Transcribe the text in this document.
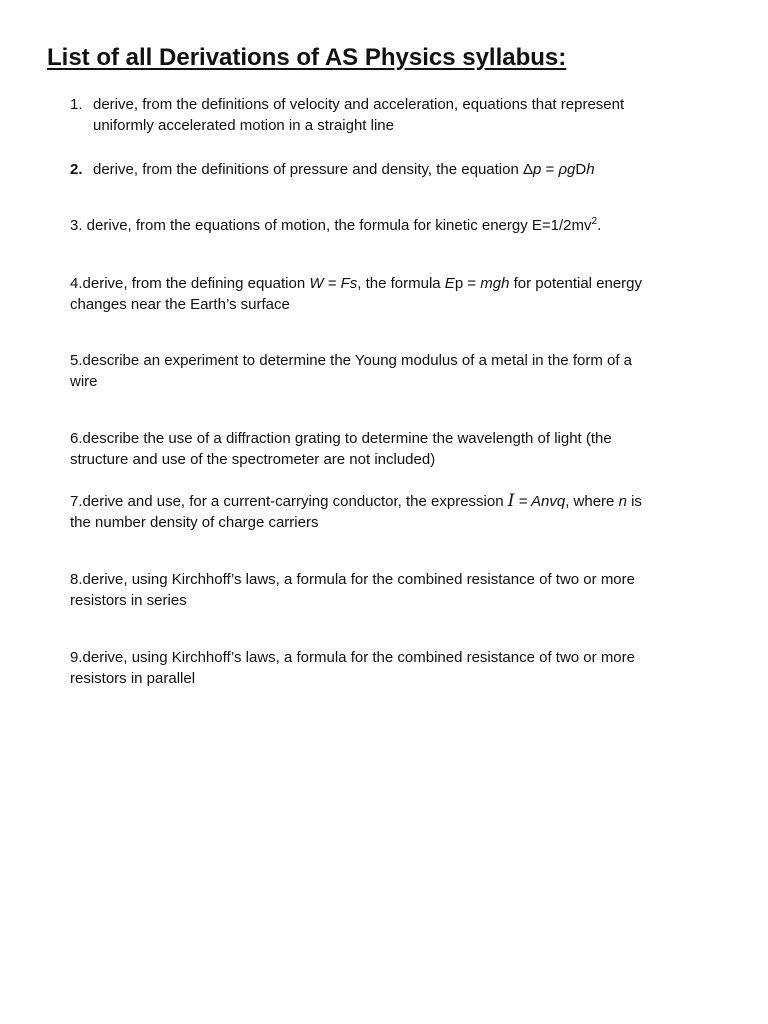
List of all Derivations of AS Physics syllabus:
1. derive, from the definitions of velocity and acceleration, equations that represent
uniformly accelerated motion in a straight line
2. derive, from the definitions of pressure and density, the equation Δp = ρgDh
3. derive, from the equations of motion, the formula for kinetic energy $E=1/2mv^2$.
4.derive, from the defining equation W = Fs, the formula Ep = mgh for potential energy
changes near the Earth’s surface
5.describe an experiment to determine the Young modulus of a metal in the form of a
wire
6.describe the use of a diffraction grating to determine the wavelength of light (the
structure and use of the spectrometer are not included)
7.derive and use, for a current-carrying conductor, the expression I = Anvq, where n is
the number density of charge carriers
8.derive, using Kirchhoff’s laws, a formula for the combined resistance of two or more
resistors in series
9.derive, using Kirchhoff’s laws, a formula for the combined resistance of two or more
resistors in parallel
